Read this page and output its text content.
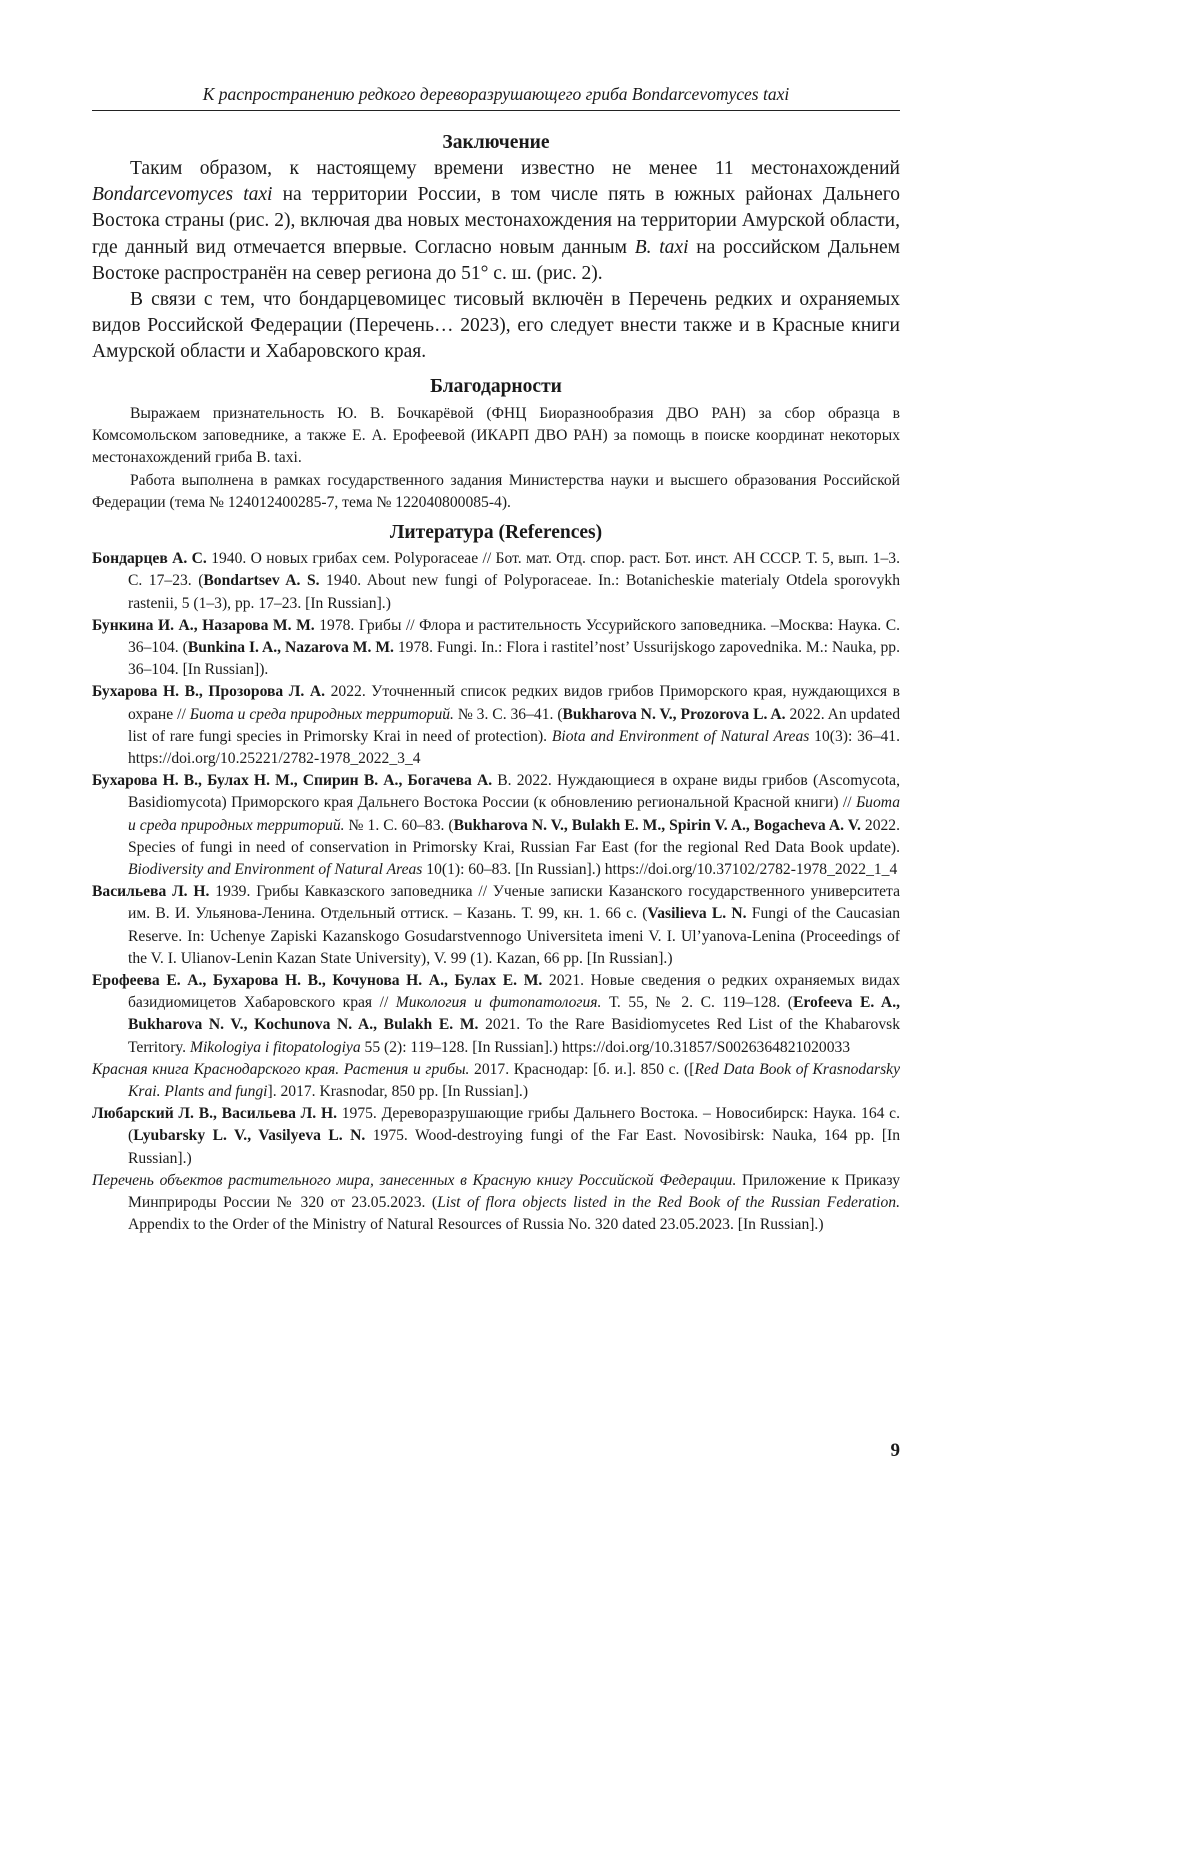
К распространению редкого дереворазрушающего гриба Bondarcevomyces taxi
Заключение

Таким образом, к настоящему времени известно не менее 11 местонахождений Bondarcevomyces taxi на территории России, в том числе пять в южных районах Дальнего Востока страны (рис. 2), включая два новых местонахождения на территории Амурской области, где данный вид отмечается впервые. Согласно новым данным B. taxi на российском Дальнем Востоке распространён на север региона до 51° с. ш. (рис. 2).

В связи с тем, что бондарцевомицес тисовый включён в Перечень редких и охраняемых видов Российской Федерации (Перечень… 2023), его следует внести также и в Красные книги Амурской области и Хабаровского края.

Благодарности

Выражаем признательность Ю. В. Бочкарёвой (ФНЦ Биоразнообразия ДВО РАН) за сбор образца в Комсомольском заповеднике, а также Е. А. Ерофеевой (ИКАРП ДВО РАН) за помощь в поиске координат некоторых местонахождений гриба B. taxi.

Работа выполнена в рамках государственного задания Министерства науки и высшего образования Российской Федерации (тема № 124012400285-7, тема № 122040800085-4).

Литература (References)
Бондарцев А. С. 1940. О новых грибах сем. Polyporaceae // Бот. мат. Отд. спор. раст. Бот. инст. АН СССР. Т. 5, вып. 1–3. С. 17–23. (Bondartsev A. S. 1940. About new fungi of Polyporaceae. In.: Botanicheskie materialy Otdela sporovykh rastenii, 5 (1–3), pp. 17–23. [In Russian].)
Бункина И. А., Назарова М. М. 1978. Грибы // Флора и растительность Уссурийского заповедника. –Москва: Наука. С. 36–104. (Bunkina I. A., Nazarova M. M. 1978. Fungi. In.: Flora i rastitel’nost’ Ussurijskogo zapovednika. M.: Nauka, pp. 36–104. [In Russian]).
Бухарова Н. В., Прозорова Л. А. 2022. Уточненный список редких видов грибов Приморского края, нуждающихся в охране // Биота и среда природных территорий. № 3. С. 36–41. (Bukharova N. V., Prozorova L. A. 2022. An updated list of rare fungi species in Primorsky Krai in need of protection). Biota and Environment of Natural Areas 10(3): 36–41. https://doi.org/10.25221/2782-1978_2022_3_4
Бухарова Н. В., Булах Н. М., Спирин В. А., Богачева А. В. 2022. Нуждающиеся в охране виды грибов (Ascomycota, Basidiomycota) Приморского края Дальнего Востока России (к обновлению региональной Красной книги) // Биота и среда природных территорий. № 1. С. 60–83. (Bukharova N. V., Bulakh E. M., Spirin V. A., Bogacheva A. V. 2022. Species of fungi in need of conservation in Primorsky Krai, Russian Far East (for the regional Red Data Book update). Biodiversity and Environment of Natural Areas 10(1): 60–83. [In Russian].) https://doi.org/10.37102/2782-1978_2022_1_4
Васильева Л. Н. 1939. Грибы Кавказского заповедника // Ученые записки Казанского государственного университета им. В. И. Ульянова-Ленина. Отдельный оттиск. – Казань. Т. 99, кн. 1. 66 с. (Vasilieva L. N. Fungi of the Caucasian Reserve. In: Uchenye Zapiski Kazanskogo Gosudarstvennogo Universiteta imeni V. I. Ul’yanova-Lenina (Proceedings of the V. I. Ulianov-Lenin Kazan State University), V. 99 (1). Kazan, 66 pp. [In Russian].)
Ерофеева Е. А., Бухарова Н. В., Кочунова Н. А., Булах Е. М. 2021. Новые сведения о редких охраняемых видах базидиомицетов Хабаровского края // Микология и фитопатология. Т. 55, № 2. С. 119–128. (Erofeeva E. A., Bukharova N. V., Kochunova N. A., Bulakh E. M. 2021. To the Rare Basidiomycetes Red List of the Khabarovsk Territory. Mikologiya i fitopatologiya 55 (2): 119–128. [In Russian].) https://doi.org/10.31857/S0026364821020033
Красная книга Краснодарского края. Растения и грибы. 2017. Краснодар: [б. и.]. 850 с. ([Red Data Book of Krasnodarsky Krai. Plants and fungi]. 2017. Krasnodar, 850 pp. [In Russian].)
Любарский Л. В., Васильева Л. Н. 1975. Дереворазрушающие грибы Дальнего Востока. – Новосибирск: Наука. 164 с. (Lyubarsky L. V., Vasilyeva L. N. 1975. Wood-destroying fungi of the Far East. Novosibirsk: Nauka, 164 pp. [In Russian].)
Перечень объектов растительного мира, занесенных в Красную книгу Российской Федерации. Приложение к Приказу Минприроды России № 320 от 23.05.2023. (List of flora objects listed in the Red Book of the Russian Federation. Appendix to the Order of the Ministry of Natural Resources of Russia No. 320 dated 23.05.2023. [In Russian].)
9
